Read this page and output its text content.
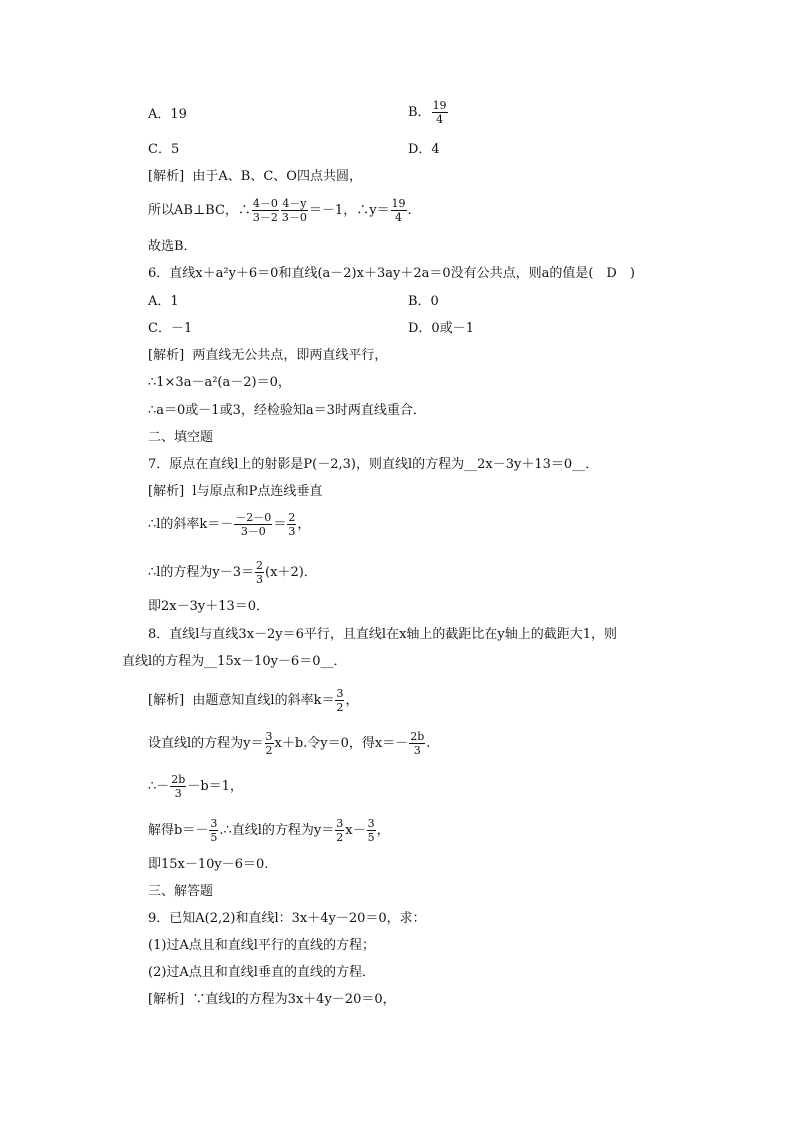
A．19	B． $\frac{19}{4}$
C．5	D．4
[解析] 由于A、B、C、O四点共圆，
所以AB⊥BC，∴ $\frac{4-0}{3-2} \frac{4-y}{3-0} =-1$，∴y＝ $\frac{19}{4}$ .
故选B．
6．直线x＋a²y＋6＝0和直线(a－2)x＋3ay＋2a＝0没有公共点，则a的值是(　D　)
A．1	B．0
C．－1	D．0或－1
[解析] 两直线无公共点，即两直线平行，
∴1×3a－a²(a－2)＝0，
∴a＝0或－1或3，经检验知a＝3时两直线重合．
二、填空题
7．原点在直线l上的射影是P(－2,3)，则直线l的方程为__2x－3y＋13＝0__．
[解析] l与原点和P点连线垂直
∴l的斜率$k=- \frac{-2-0}{3-0} = \frac{2}{3}$ ，
∴l的方程为$y-3= \frac{2}{3} (x+2)$．
即2x－3y＋13＝0．
8．直线l与直线3x－2y＝6平行，且直线l在x轴上的截距比在y轴上的截距大1，则
直线l的方程为__15x－10y－6＝0__．
[解析] 由题意知直线l的斜率$k= \frac{3}{2}$ ，
设直线l的方程为$y= \frac{3}{2} x+b$.令y＝0，得$x=- \frac{2b}{3}$ .
∴－ $\frac{2b}{3} -b=1$，
解得$b=- \frac{3}{5}$ .∴直线l的方程为$y= \frac{3}{2} x- \frac{3}{5}$ ，
即15x－10y－6＝0.
三、解答题
9．已知A(2,2)和直线l：3x＋4y－20＝0，求：
(1)过A点且和直线l平行的直线的方程；
(2)过A点且和直线l垂直的直线的方程．
[解析] ∵直线l的方程为3x＋4y－20＝0，
